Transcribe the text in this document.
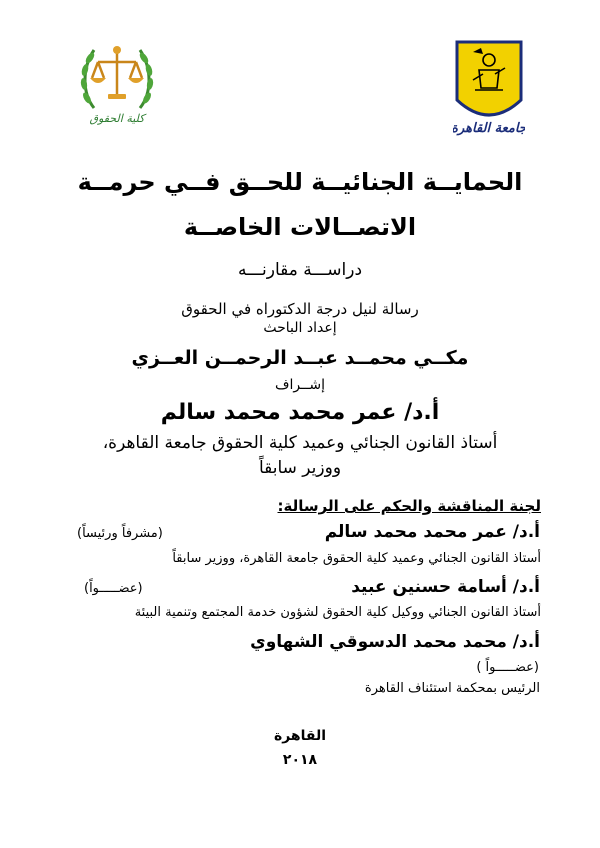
كلية الحقوق
جامعة القاهرة
الحمايــة الجنائيــة للحــق فــي حرمــة
الاتصــالات الخاصــة
دراســـة مقارنـــه
رسالة لنيل درجة الدكتوراه في الحقوق
إعداد الباحث
مكــي محمــد عبــد الرحمــن العــزي
إشــراف
أ.د/ عمر محمد محمد سالم
أستاذ القانون الجنائي وعميد كلية الحقوق جامعة القاهرة،
ووزير سابقاً
لجنة المناقشة والحكم على الرسالة:
أ.د/ عمر محمد محمد سالم
(مشرفاً ورئيساً)
أستاذ القانون الجنائي وعميد كلية الحقوق جامعة القاهرة، ووزير سابقاً
أ.د/ أسامة حسنين عبيد
(عضـــــواً)
أستاذ القانون الجنائي ووكيل كلية الحقوق لشؤون خدمة المجتمع وتنمية البيئة
أ.د/ محمد محمد الدسوقي الشهاوي
(عضـــــواً )
الرئيس بمحكمة استئناف القاهرة
القاهرة
٢٠١٨
